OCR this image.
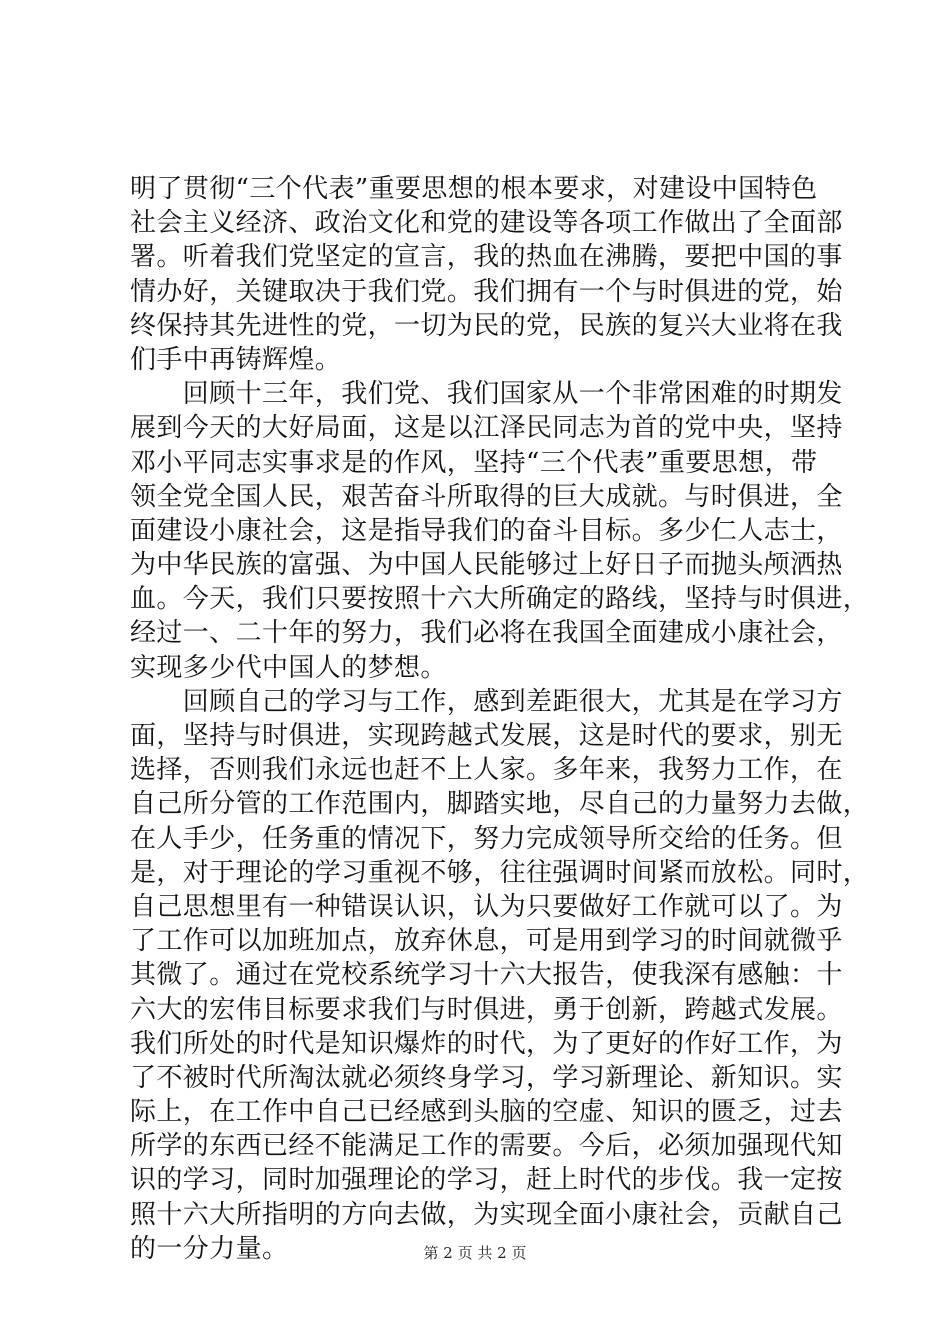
明了贯彻“三个代表”重要思想的根本要求，对建设中国特色
社会主义经济、政治文化和党的建设等各项工作做出了全面部
署。听着我们党坚定的宣言，我的热血在沸腾，要把中国的事
情办好，关键取决于我们党。我们拥有一个与时俱进的党，始
终保持其先进性的党，一切为民的党，民族的复兴大业将在我
们手中再铸辉煌。
　　回顾十三年，我们党、我们国家从一个非常困难的时期发
展到今天的大好局面，这是以江泽民同志为首的党中央，坚持
邓小平同志实事求是的作风，坚持“三个代表”重要思想，带
领全党全国人民，艰苦奋斗所取得的巨大成就。与时俱进，全
面建设小康社会，这是指导我们的奋斗目标。多少仁人志士，
为中华民族的富强、为中国人民能够过上好日子而抛头颅洒热
血。今天，我们只要按照十六大所确定的路线，坚持与时俱进，
经过一、二十年的努力，我们必将在我国全面建成小康社会，
实现多少代中国人的梦想。
　　回顾自己的学习与工作，感到差距很大，尤其是在学习方
面，坚持与时俱进，实现跨越式发展，这是时代的要求，别无
选择，否则我们永远也赶不上人家。多年来，我努力工作，在
自己所分管的工作范围内，脚踏实地，尽自己的力量努力去做，
在人手少，任务重的情况下，努力完成领导所交给的任务。但
是，对于理论的学习重视不够，往往强调时间紧而放松。同时，
自己思想里有一种错误认识，认为只要做好工作就可以了。为
了工作可以加班加点，放弃休息，可是用到学习的时间就微乎
其微了。通过在党校系统学习十六大报告，使我深有感触：十
六大的宏伟目标要求我们与时俱进，勇于创新，跨越式发展。
我们所处的时代是知识爆炸的时代，为了更好的作好工作，为
了不被时代所淘汰就必须终身学习，学习新理论、新知识。实
际上，在工作中自己已经感到头脑的空虚、知识的匮乏，过去
所学的东西已经不能满足工作的需要。今后，必须加强现代知
识的学习，同时加强理论的学习，赶上时代的步伐。我一定按
照十六大所指明的方向去做，为实现全面小康社会，贡献自己
的一分力量。	第 2 页 共 2 页
